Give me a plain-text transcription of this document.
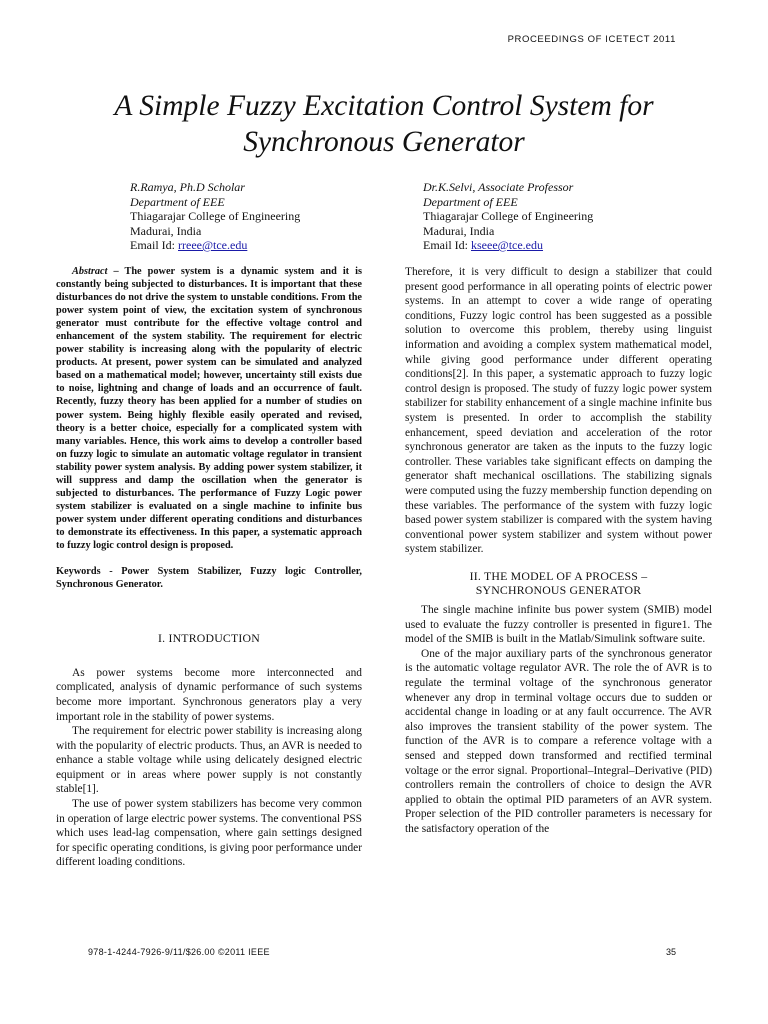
PROCEEDINGS OF ICETECT 2011
A Simple Fuzzy Excitation Control System for
Synchronous Generator
R.Ramya, Ph.D Scholar
Department of EEE
Thiagarajar College of Engineering
Madurai, India
Email Id: rreee@tce.edu
Dr.K.Selvi, Associate Professor
Department of EEE
Thiagarajar College of Engineering
Madurai, India
Email Id: kseee@tce.edu

Abstract – The power system is a dynamic system and it is constantly being subjected to disturbances. It is important that these disturbances do not drive the system to unstable conditions. From the power system point of view, the excitation system of synchronous generator must contribute for the effective voltage control and enhancement of the system stability. The requirement for electric power stability is increasing along with the popularity of electric products. At present, power system can be simulated and analyzed based on a mathematical model; however, uncertainty still exists due to noise, lightning and change of loads and an occurrence of fault. Recently, fuzzy theory has been applied for a number of studies on power system. Being highly flexible easily operated and revised, theory is a better choice, especially for a complicated system with many variables. Hence, this work aims to develop a controller based on fuzzy logic to simulate an automatic voltage regulator in transient stability power system analysis. By adding power system stabilizer, it will suppress and damp the oscillation when the generator is subjected to disturbances. The performance of Fuzzy Logic power system stabilizer is evaluated on a single machine to infinite bus power system under different operating conditions and disturbances to demonstrate its effectiveness. In this paper, a systematic approach to fuzzy logic control design is proposed.

Keywords - Power System Stabilizer, Fuzzy logic Controller, Synchronous Generator.

I. INTRODUCTION

As power systems become more interconnected and complicated, analysis of dynamic performance of such systems become more important. Synchronous generators play a very important role in the stability of power systems.

The requirement for electric power stability is increasing along with the popularity of electric products. Thus, an AVR is needed to enhance a stable voltage while using delicately designed electric equipment or in areas where power supply is not constantly stable[1].

The use of power system stabilizers has become very common in operation of large electric power systems. The conventional PSS which uses lead-lag compensation, where gain settings designed for specific operating conditions, is giving poor performance under different loading conditions.

Therefore, it is very difficult to design a stabilizer that could present good performance in all operating points of electric power systems. In an attempt to cover a wide range of operating conditions, Fuzzy logic control has been suggested as a possible solution to overcome this problem, thereby using linguist information and avoiding a complex system mathematical model, while giving good performance under different operating conditions[2]. In this paper, a systematic approach to fuzzy logic control design is proposed. The study of fuzzy logic power system stabilizer for stability enhancement of a single machine infinite bus system is presented. In order to accomplish the stability enhancement, speed deviation and acceleration of the rotor synchronous generator are taken as the inputs to the fuzzy logic controller. These variables take significant effects on damping the generator shaft mechanical oscillations. The stabilizing signals were computed using the fuzzy membership function depending on these variables. The performance of the system with fuzzy logic based power system stabilizer is compared with the system having conventional power system stabilizer and system without power system stabilizer.

II. THE MODEL OF A PROCESS –
SYNCHRONOUS GENERATOR

The single machine infinite bus power system (SMIB) model used to evaluate the fuzzy controller is presented in figure1. The model of the SMIB is built in the Matlab/Simulink software suite.

One of the major auxiliary parts of the synchronous generator is the automatic voltage regulator AVR. The role the of AVR is to regulate the terminal voltage of the synchronous generator whenever any drop in terminal voltage occurs due to sudden or accidental change in loading or at any fault occurrence. The AVR also improves the transient stability of the power system. The function of the AVR is to compare a reference voltage with a sensed and stepped down transformed and rectified terminal voltage or the error signal. Proportional–Integral–Derivative (PID) controllers remain the controllers of choice to design the AVR applied to obtain the optimal PID parameters of an AVR system. Proper selection of the PID controller parameters is necessary for the satisfactory operation of the

978-1-4244-7926-9/11/$26.00 ©2011 IEEE	35
